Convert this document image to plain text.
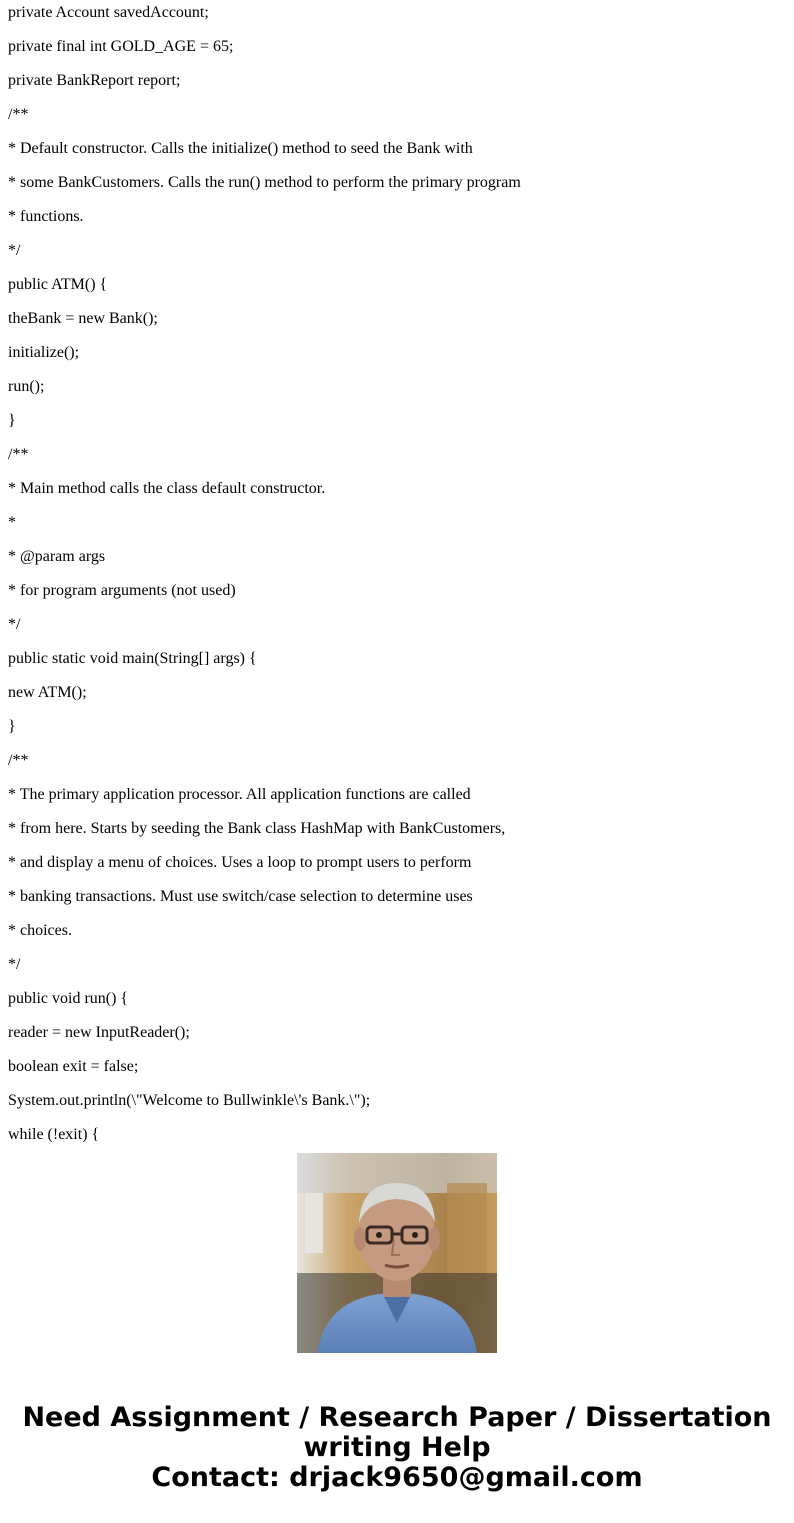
private Account savedAccount;
private final int GOLD_AGE = 65;
private BankReport report;
/**
* Default constructor. Calls the initialize() method to seed the Bank with
* some BankCustomers. Calls the run() method to perform the primary program
* functions.
*/
public ATM() {
theBank = new Bank();
initialize();
run();
}
/**
* Main method calls the class default constructor.
*
* @param args
* for program arguments (not used)
*/
public static void main(String[] args) {
new ATM();
}
/**
* The primary application processor. All application functions are called
* from here. Starts by seeding the Bank class HashMap with BankCustomers,
* and display a menu of choices. Uses a loop to prompt users to perform
* banking transactions. Must use switch/case selection to determine uses
* choices.
*/
public void run() {
reader = new InputReader();
boolean exit = false;
System.out.println(\"Welcome to Bullwinkle\'s Bank.\");
while (!exit) {
Need Assignment / Research Paper / Dissertation
writing Help
Contact: drjack9650@gmail.com
